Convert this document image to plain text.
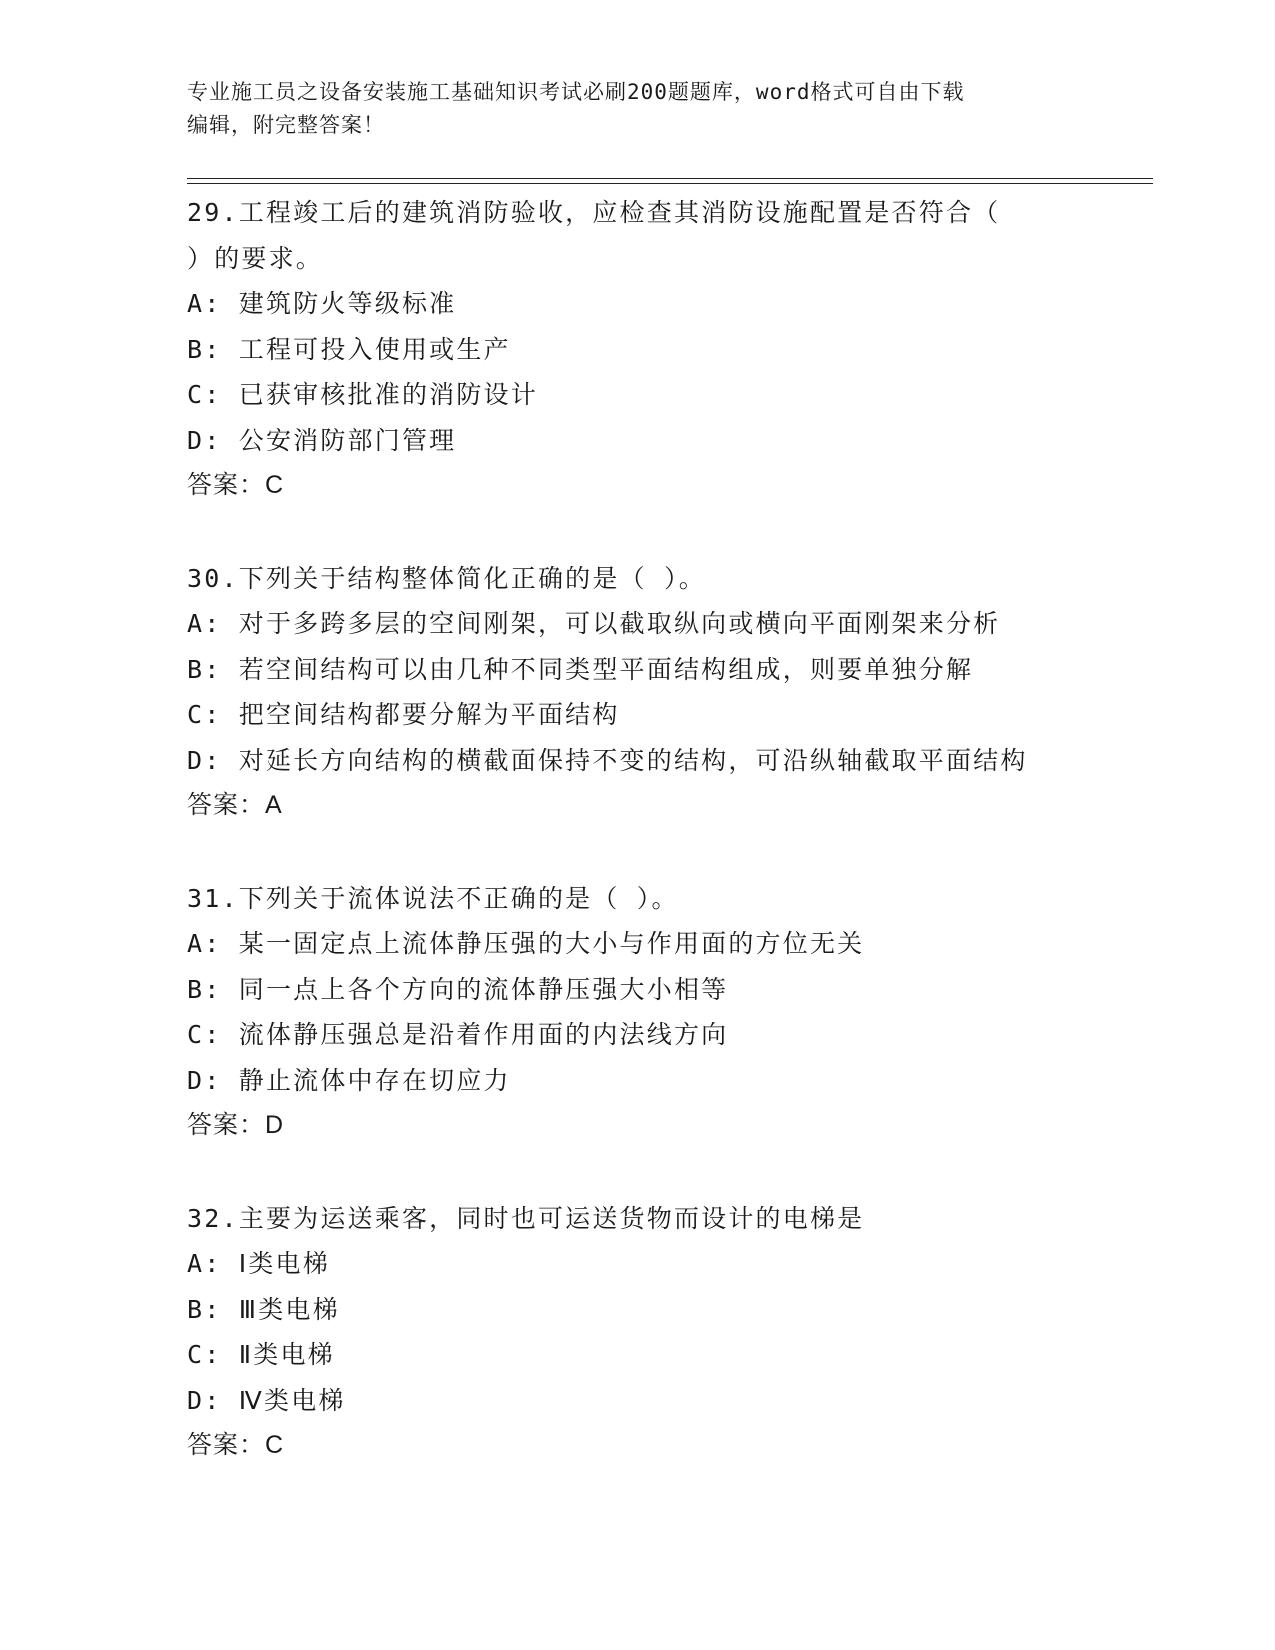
专业施工员之设备安装施工基础知识考试必刷200题题库，word格式可自由下载
编辑，附完整答案！
29.工程竣工后的建筑消防验收，应检查其消防设施配置是否符合（
）的要求。
A: 建筑防火等级标准
B: 工程可投入使用或生产
C: 已获审核批准的消防设计
D: 公安消防部门管理
答案：C
30.下列关于结构整体简化正确的是（ ）。
A: 对于多跨多层的空间刚架，可以截取纵向或横向平面刚架来分析
B: 若空间结构可以由几种不同类型平面结构组成，则要单独分解
C: 把空间结构都要分解为平面结构
D: 对延长方向结构的横截面保持不变的结构，可沿纵轴截取平面结构
答案：A
31.下列关于流体说法不正确的是（ ）。
A: 某一固定点上流体静压强的大小与作用面的方位无关
B: 同一点上各个方向的流体静压强大小相等
C: 流体静压强总是沿着作用面的内法线方向
D: 静止流体中存在切应力
答案：D
32.主要为运送乘客，同时也可运送货物而设计的电梯是
A: Ⅰ类电梯
B: Ⅲ类电梯
C: Ⅱ类电梯
D: Ⅳ类电梯
答案：C
